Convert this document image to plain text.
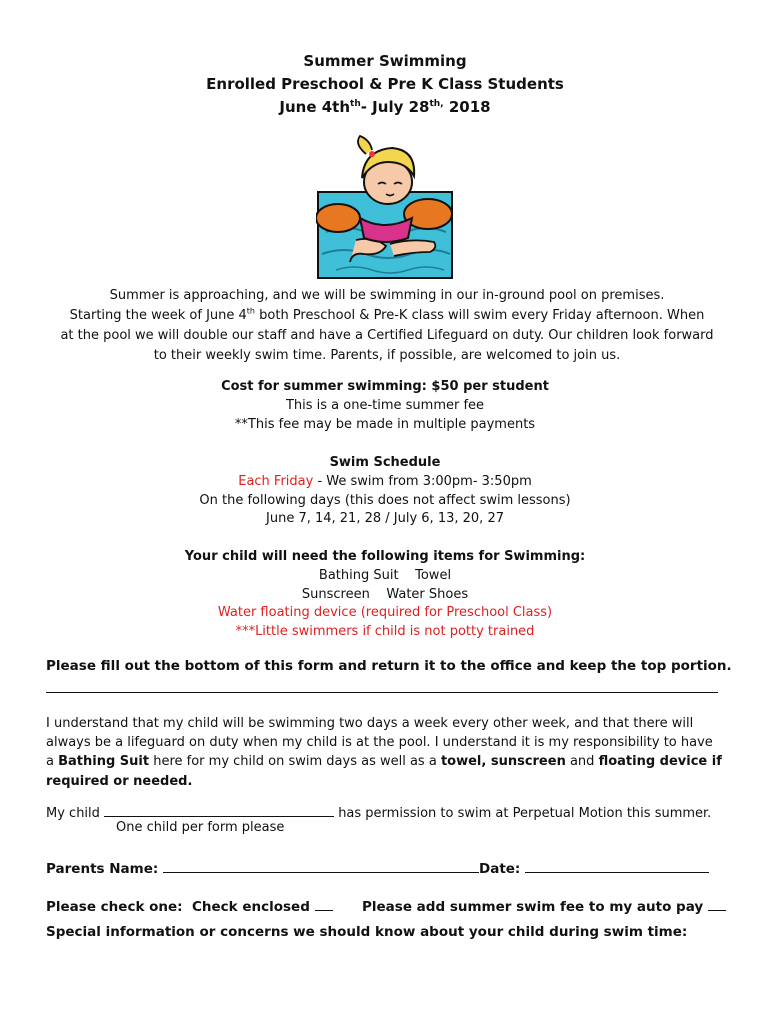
Summer Swimming
Enrolled Preschool & Pre K Class Students
June $4th^{th}-$ July $28^{th,}$ 2018
Summer is approaching, and we will be swimming in our in-ground pool on premises.
Starting the week of June 4th both Preschool & Pre-K class will swim every Friday afternoon. When
at the pool we will double our staff and have a Certified Lifeguard on duty. Our children look forward
to their weekly swim time. Parents, if possible, are welcomed to join us.
Cost for summer swimming: $50 per student
This is a one-time summer fee
**This fee may be made in multiple payments
Swim Schedule
Each Friday - We swim from 3:00pm- 3:50pm
On the following days (this does not affect swim lessons)
June 7, 14, 21, 28 / July 6, 13, 20, 27
Your child will need the following items for Swimming:
Bathing Suit Towel
Sunscreen Water Shoes
Water floating device (required for Preschool Class)
***Little swimmers if child is not potty trained
Please fill out the bottom of this form and return it to the office and keep the top portion.
I understand that my child will be swimming two days a week every other week, and that there will always be a lifeguard on duty when my child is at the pool. I understand it is my responsibility to have a Bathing Suit here for my child on swim days as well as a towel, sunscreen and floating device if required or needed.
My child	has permission to swim at Perpetual Motion this summer.
One child per form please
Parents Name:	Date:
Please check one: Check enclosed	Please add summer swim fee to my auto pay
Special information or concerns we should know about your child during swim time:
